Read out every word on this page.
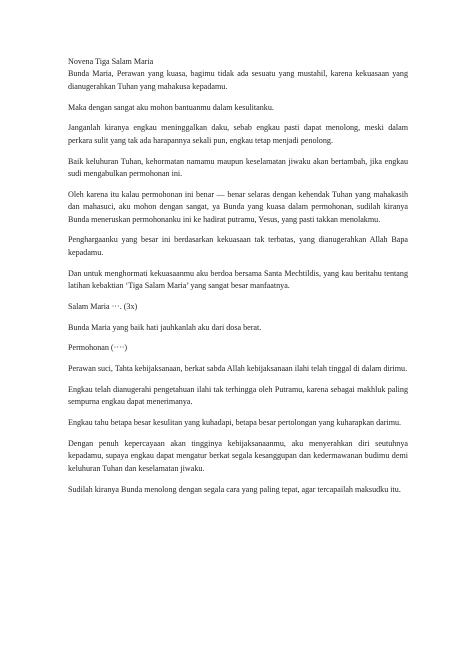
Novena Tiga Salam Maria

Bunda Maria, Perawan yang kuasa, bagimu tidak ada sesuatu yang mustahil, karena kekuasaan yang dianugerahkan Tuhan yang mahakusa kepadamu.

Maka dengan sangat aku mohon bantuanmu dalam kesulitanku.

Janganlah kiranya engkau meninggalkan daku, sebab engkau pasti dapat menolong, meski dalam perkara sulit yang tak ada harapannya sekali pun, engkau tetap menjadi penolong.

Baik keluhuran Tuhan, kehormatan namamu maupun keselamatan jiwaku akan bertambah, jika engkau sudi mengabulkan permohonan ini.

Oleh karena itu kalau permohonan ini benar — benar selaras dengan kehendak Tuhan yang mahakasih dan mahasuci, aku mohon dengan sangat, ya Bunda yang kuasa dalam permohonan, sudilah kiranya Bunda meneruskan permohonanku ini ke hadirat putramu, Yesus, yang pasti takkan menolakmu.

Penghargaanku yang besar ini berdasarkan kekuasaan tak terbatas, yang dianugerahkan Allah Bapa kepadamu.

Dan untuk menghormati kekuasaanmu aku berdoa bersama Santa Mechtildis, yang kau beritahu tentang latihan kebaktian ‘Tiga Salam Maria’ yang sangat besar manfaatnya.

Salam Maria ···. (3x)

Bunda Maria yang baik hati jauhkanlah aku dari dosa berat.

Permohonan (····)

Perawan suci, Tahta kebijaksanaan, berkat sabda Allah kebijaksanaan ilahi telah tinggal di dalam dirimu.

Engkau telah dianugerahi pengetahuan ilahi tak terhingga oleh Putramu, karena sebagai makhluk paling sempurna engkau dapat menerimanya.

Engkau tahu betapa besar kesulitan yang kuhadapi, betapa besar pertolongan yang kuharapkan darimu.

Dengan penuh kepercayaan akan tingginya kebijaksanaanmu, aku menyerahkan diri seutuhnya kepadamu, supaya engkau dapat mengatur berkat segala kesanggupan dan kedermawanan budimu demi keluhuran Tuhan dan keselamatan jiwaku.

Sudilah kiranya Bunda menolong dengan segala cara yang paling tepat, agar tercapailah maksudku itu.
